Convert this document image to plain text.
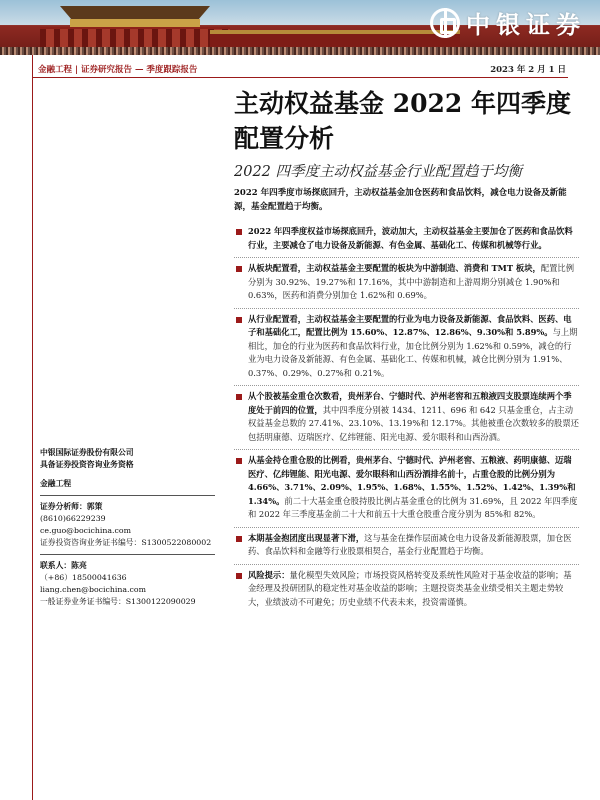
中银证券
金融工程 | 证券研究报告 — 季度跟踪报告	2023 年 2 月 1 日
主动权益基金 2022 年四季度配置分析
2022 四季度主动权益基金行业配置趋于均衡
2022 年四季度市场探底回升，主动权益基金加仓医药和食品饮料，减仓电力设备及新能源，基金配置趋于均衡。
2022 年四季度权益市场探底回升，波动加大，主动权益基金主要加仓了医药和食品饮料行业，主要减仓了电力设备及新能源、有色金属、基础化工、传媒和机械等行业。
从板块配置看，主动权益基金主要配置的板块为中游制造、消费和 TMT 板块，配置比例分别为 30.92%、19.27%和 17.16%，其中中游制造和上游周期分别减仓 1.90%和 0.63%，医药和消费分别加仓 1.62%和 0.69%。
从行业配置看，主动权益基金主要配置的行业为电力设备及新能源、食品饮料、医药、电子和基础化工，配置比例为 15.60%、12.87%、12.86%、9.30%和 5.89%。与上期相比，加仓的行业为医药和食品饮料行业，加仓比例分别为 1.62%和 0.59%，减仓的行业为电力设备及新能源、有色金属、基础化工、传媒和机械，减仓比例分别为 1.91%、0.37%、0.29%、0.27%和 0.21%。
从个股被基金重仓次数看，贵州茅台、宁德时代、泸州老窖和五粮液四支股票连续两个季度处于前四的位置，其中四季度分别被 1434、1211、696 和 642 只基金重仓，占主动权益基金总数的 27.41%、23.10%、13.19%和 12.17%。其他被重仓次数较多的股票还包括明康德、迈瑞医疗、亿纬锂能、阳光电源、爱尔眼科和山西汾酒。
从基金持仓重仓股的比例看，贵州茅台、宁德时代、泸州老窖、五粮液、药明康德、迈瑞医疗、亿纬锂能、阳光电源、爱尔眼科和山西汾酒排名前十，占重仓股的比例分别为 4.66%、3.71%、2.09%、1.95%、1.68%、1.55%、1.52%、1.42%、1.39%和 1.34%。前二十大基金重仓股持股比例占基金重仓的比例为 31.69%，且 2022 年四季度和 2022 年三季度基金前二十大和前五十大重仓股重合度分别为 85%和 82%。
本期基金抱团度出现显著下滑，这与基金在操作层面减仓电力设备及新能源股票，加仓医药、食品饮料和金融等行业股票相契合，基金行业配置趋于均衡。
风险提示：量化模型失效风险；市场投资风格转变及系统性风险对于基金收益的影响；基金经理及投研团队的稳定性对基金收益的影响；主题投资类基金业绩受相关主题走势较大，业绩波动不可避免；历史业绩不代表未来，投资需谨慎。
中银国际证券股份有限公司
具备证券投资咨询业务资格
金融工程
证券分析师：郭策
(8610)66229239
ce.guo@bocichina.com
证券投资咨询业务证书编号：S1300522080002
联系人：陈亮
（+86）18500041636
liang.chen@bocichina.com
一般证券业务证书编号：S1300122090029
